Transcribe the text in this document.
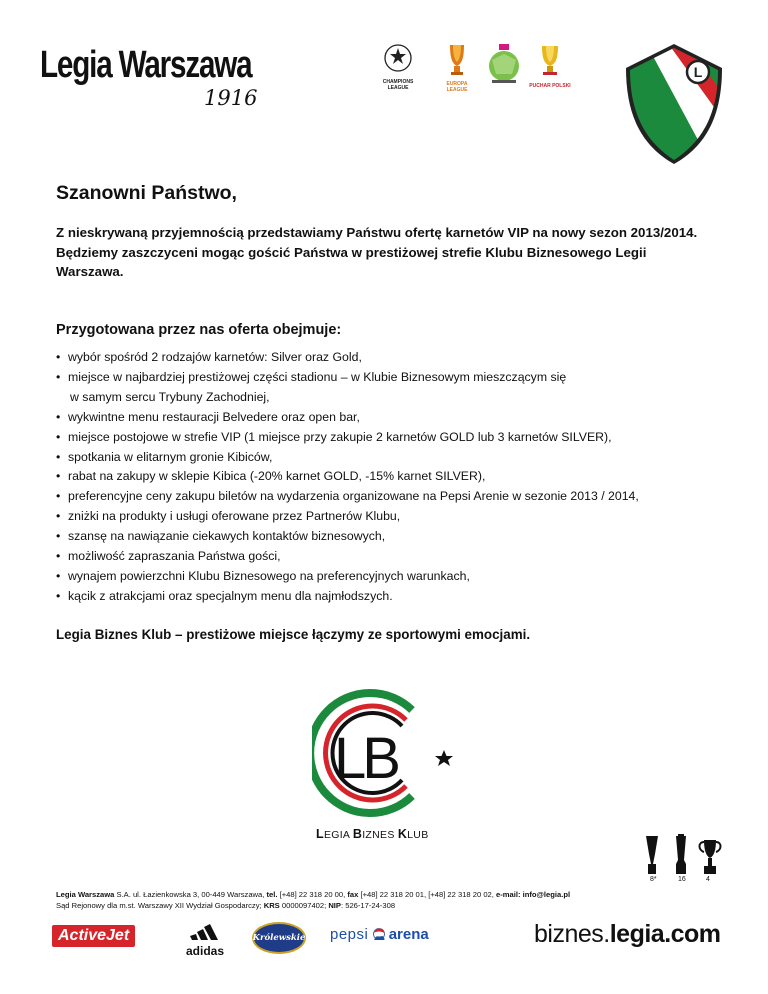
Legia Warszawa
1916
CHAMPIONS
LEAGUE
EUROPA
LEAGUE
PUCHAR POLSKI
L
Szanowni Państwo,
Z nieskrywaną przyjemnością przedstawiamy Państwu ofertę karnetów VIP na nowy sezon 2013/2014. Będziemy zaszczyceni mogąc gościć Państwa w prestiżowej strefie Klubu Biznesowego Legii Warszawa.
Przygotowana przez nas oferta obejmuje:
• wybór spośród 2 rodzajów karnetów: Silver oraz Gold,
• miejsce w najbardziej prestiżowej części stadionu – w Klubie Biznesowym mieszczącym się
w samym sercu Trybuny Zachodniej,
• wykwintne menu restauracji Belvedere oraz open bar,
• miejsce postojowe w strefie VIP (1 miejsce przy zakupie 2 karnetów GOLD lub 3 karnetów SILVER),
• spotkania w elitarnym gronie Kibiców,
• rabat na zakupy w sklepie Kibica (-20% karnet GOLD, -15% karnet SILVER),
• preferencyjne ceny zakupu biletów na wydarzenia organizowane na Pepsi Arenie w sezonie 2013 / 2014,
• zniżki na produkty i usługi oferowane przez Partnerów Klubu,
• szansę na nawiązanie ciekawych kontaktów biznesowych,
• możliwość zapraszania Państwa gości,
• wynajem powierzchni Klubu Biznesowego na preferencyjnych warunkach,
• kącik z atrakcjami oraz specjalnym menu dla najmłodszych.
Legia Biznes Klub – prestiżowe miejsce łączymy ze sportowymi emocjami.
LB
LEGIA BIZNES KLUB
8*	16	4
Legia Warszawa S.A. ul. Łazienkowska 3, 00-449 Warszawa, tel. [+48] 22 318 20 00, fax [+48] 22 318 20 01, [+48] 22 318 20 02, e-mail: info@legia.pl
Sąd Rejonowy dla m.st. Warszawy XII Wydział Gospodarczy; KRS 0000097402; NIP: 526-17-24-308
ActiveJet
adidas
Królewskie pepsi arena	biznes.legia.com
